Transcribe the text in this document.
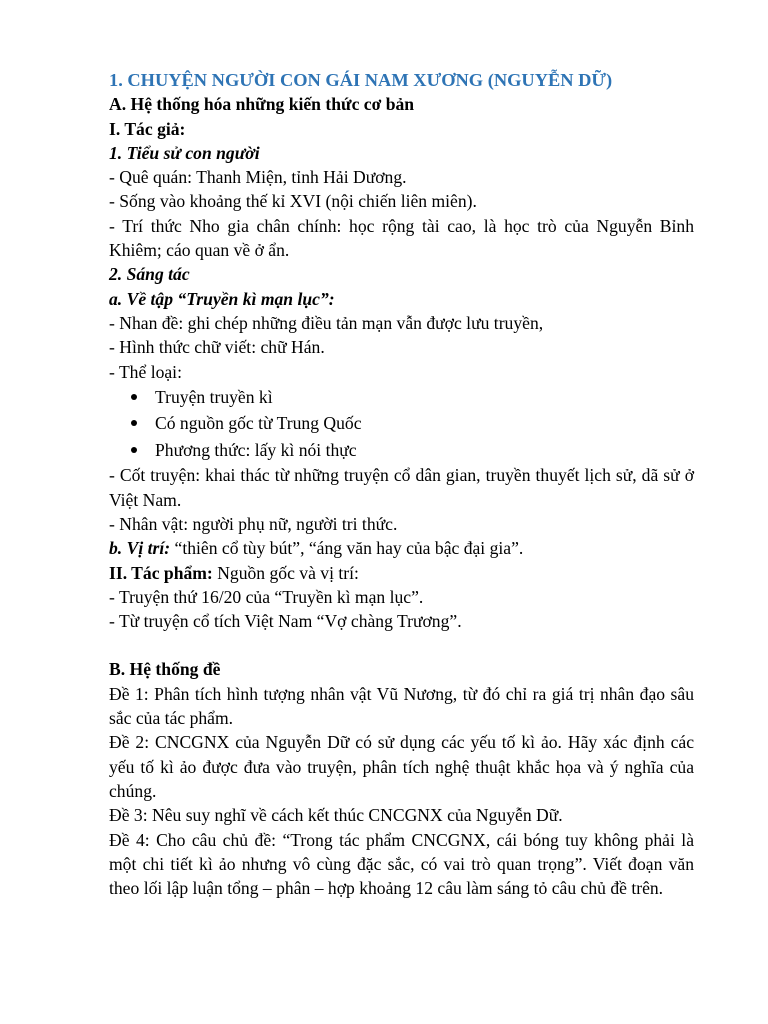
1. CHUYỆN NGƯỜI CON GÁI NAM XƯƠNG (NGUYỄN DỮ)
A. Hệ thống hóa những kiến thức cơ bản
I. Tác giả:
1. Tiểu sử con người
- Quê quán: Thanh Miện, tỉnh Hải Dương.
- Sống vào khoảng thế kỉ XVI (nội chiến liên miên).
- Trí thức Nho gia chân chính: học rộng tài cao, là học trò của Nguyễn Bỉnh Khiêm; cáo quan về ở ẩn.
2. Sáng tác
a. Về tập “Truyền kì mạn lục”:
- Nhan đề: ghi chép những điều tản mạn vẫn được lưu truyền,
- Hình thức chữ viết: chữ Hán.
- Thể loại:
Truyện truyền kì
Có nguồn gốc từ Trung Quốc
Phương thức: lấy kì nói thực
- Cốt truyện: khai thác từ những truyện cổ dân gian, truyền thuyết lịch sử, dã sử ở Việt Nam.
- Nhân vật: người phụ nữ, người tri thức.
b. Vị trí: “thiên cổ tùy bút”, “áng văn hay của bậc đại gia”.
II. Tác phẩm: Nguồn gốc và vị trí:
- Truyện thứ 16/20 của “Truyền kì mạn lục”.
- Từ truyện cổ tích Việt Nam “Vợ chàng Trương”.
B. Hệ thống đề
Đề 1: Phân tích hình tượng nhân vật Vũ Nương, từ đó chỉ ra giá trị nhân đạo sâu sắc của tác phẩm.
Đề 2: CNCGNX của Nguyễn Dữ có sử dụng các yếu tố kì ảo. Hãy xác định các yếu tố kì ảo được đưa vào truyện, phân tích nghệ thuật khắc họa và ý nghĩa của chúng.
Đề 3: Nêu suy nghĩ về cách kết thúc CNCGNX của Nguyễn Dữ.
Đề 4: Cho câu chủ đề: “Trong tác phẩm CNCGNX, cái bóng tuy không phải là một chi tiết kì ảo nhưng vô cùng đặc sắc, có vai trò quan trọng”. Viết đoạn văn theo lối lập luận tổng – phân – hợp khoảng 12 câu làm sáng tỏ câu chủ đề trên.
